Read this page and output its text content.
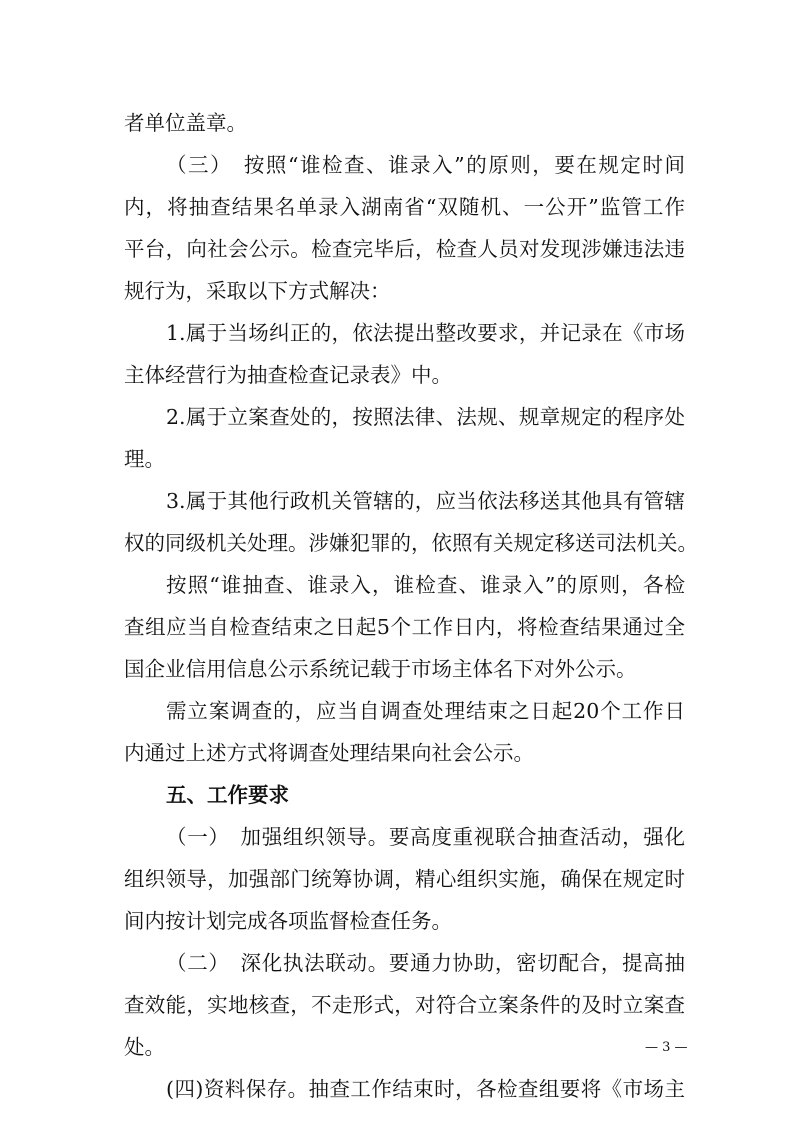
者单位盖章。
（三）　按照“谁检查、谁录入”的原则，要在规定时间
内，将抽查结果名单录入湖南省“双随机、一公开”监管工作
平台，向社会公示。检查完毕后，检查人员对发现涉嫌违法违
规行为，采取以下方式解决：
1.属于当场纠正的，依法提出整改要求，并记录在《市场
主体经营行为抽查检查记录表》中。
2.属于立案查处的，按照法律、法规、规章规定的程序处
理。
3.属于其他行政机关管辖的，应当依法移送其他具有管辖
权的同级机关处理。涉嫌犯罪的，依照有关规定移送司法机关。
按照“谁抽查、谁录入，谁检查、谁录入”的原则，各检
查组应当自检查结束之日起5个工作日内，将检查结果通过全
国企业信用信息公示系统记载于市场主体名下对外公示。
需立案调查的，应当自调查处理结束之日起20个工作日
内通过上述方式将调查处理结果向社会公示。
五、工作要求
（一）　加强组织领导。要高度重视联合抽查活动，强化
组织领导，加强部门统筹协调，精心组织实施，确保在规定时
间内按计划完成各项监督检查任务。
（二）　深化执法联动。要通力协助，密切配合，提高抽
查效能，实地核查，不走形式，对符合立案条件的及时立案查
处。
(四)资料保存。抽查工作结束时，各检查组要将《市场主
— 3 —
